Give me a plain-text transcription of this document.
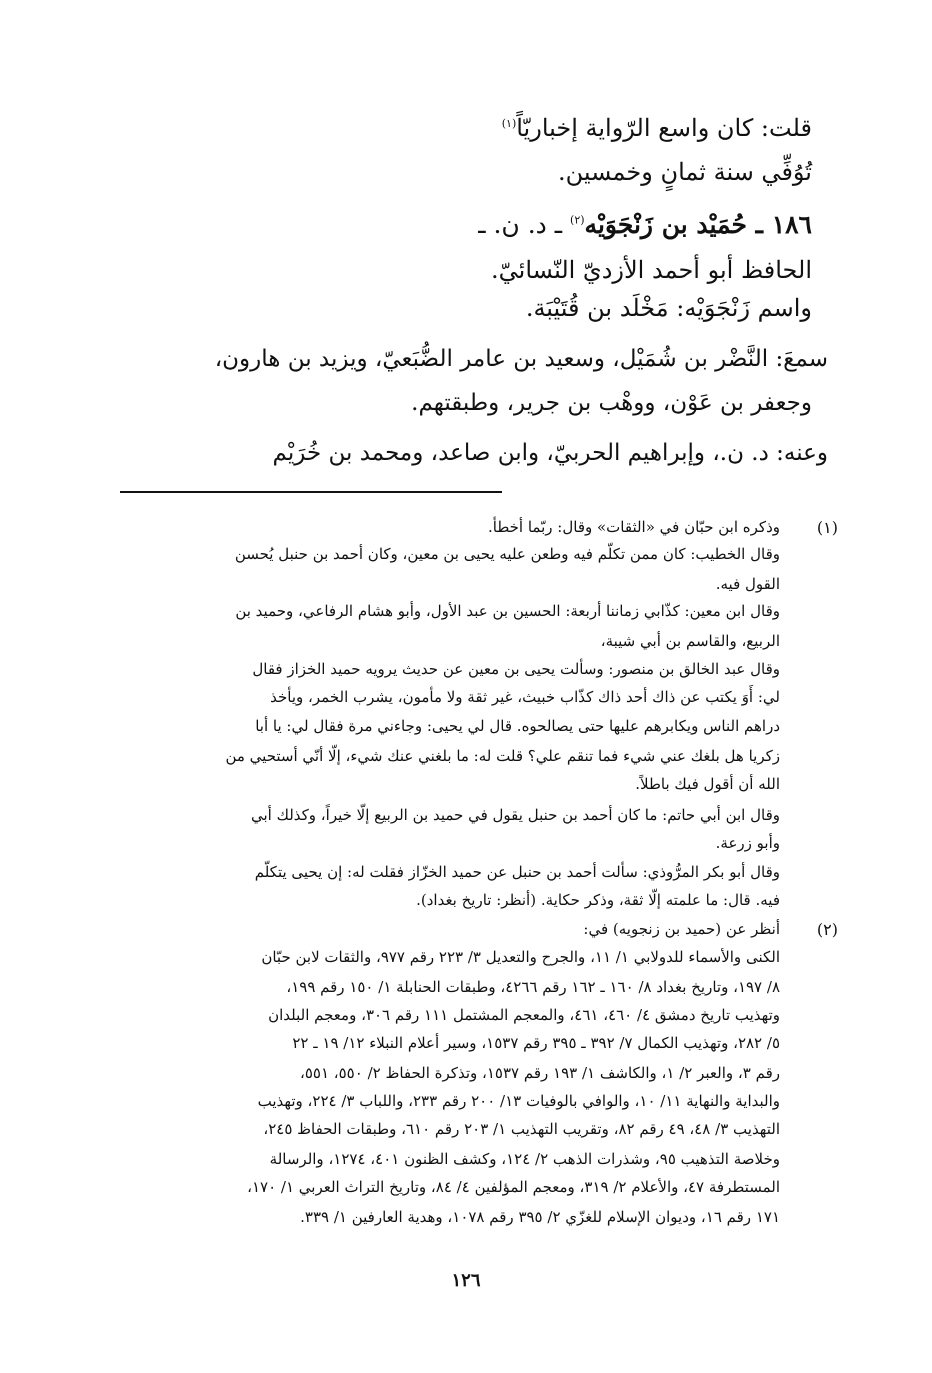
قلت: كان واسع الرّواية إخباريّاً$^{(١)}$
تُوُفِّي سنة ثمانٍ وخمسين.
١٨٦ ـ حُمَيْد بن زَنْجَوَيْه$^{(٢)}$ ـ د. ن. ـ
الحافظ أبو أحمد الأزديّ النّسائيّ.
واسم زَنْجَوَيْه: مَخْلَد بن قُتَيْبَة.
سمعَ: النَّضْر بن شُمَيْل، وسعيد بن عامر الضُّبَعيّ، ويزيد بن هارون،
وجعفر بن عَوْن، ووهْب بن جرير، وطبقتهم.
وعنه: د. ن.، وإبراهيم الحربيّ، وابن صاعد، ومحمد بن خُرَيْم
(١)
وذكره ابن حبّان في «الثقات» وقال: ربّما أخطأ.
وقال الخطيب: كان ممن تكلّم فيه وطعن عليه يحيى بن معين، وكان أحمد بن حنبل يُحسن
القول فيه.
وقال ابن معين: كذّابي زماننا أربعة: الحسين بن عبد الأول، وأبو هشام الرفاعي، وحميد بن
الربيع، والقاسم بن أبي شيبة،
وقال عبد الخالق بن منصور: وسألت يحيى بن معين عن حديث يرويه حميد الخزاز فقال
لي: أَوَ يكتب عن ذاك أحد ذاك كذّاب خبيث، غير ثقة ولا مأمون، يشرب الخمر، ويأخذ
دراهم الناس ويكابرهم عليها حتى يصالحوه. قال لي يحيى: وجاءني مرة فقال لي: يا أبا
زكريا هل بلغك عني شيء فما تنقم علي؟ قلت له: ما بلغني عنك شيء، إلّا أنّي أستحيي من
الله أن أقول فيك باطلاً.
وقال ابن أبي حاتم: ما كان أحمد بن حنبل يقول في حميد بن الربيع إلّا خيراً، وكذلك أبي
وأبو زرعة.
وقال أبو بكر المرُّوذي: سألت أحمد بن حنبل عن حميد الخزّاز فقلت له: إن يحيى يتكلّم
فيه. قال: ما علمته إلّا ثقة، وذكر حكاية. (أنظر: تاريخ بغداد).
(٢)
أنظر عن (حميد بن زنجويه) في:
الكنى والأسماء للدولابي ١/ ١١، والجرح والتعديل ٣/ ٢٢٣ رقم ٩٧٧، والثقات لابن حبّان
٨/ ١٩٧، وتاريخ بغداد ٨/ ١٦٠ ـ ١٦٢ رقم ٤٢٦٦، وطبقات الحنابلة ١/ ١٥٠ رقم ١٩٩،
وتهذيب تاريخ دمشق ٤/ ٤٦٠، ٤٦١، والمعجم المشتمل ١١١ رقم ٣٠٦، ومعجم البلدان
٥/ ٢٨٢، وتهذيب الكمال ٧/ ٣٩٢ ـ ٣٩٥ رقم ١٥٣٧، وسير أعلام النبلاء ١٢/ ١٩ ـ ٢٢
رقم ٣، والعبر ٢/ ١، والكاشف ١/ ١٩٣ رقم ١٥٣٧، وتذكرة الحفاظ ٢/ ٥٥٠، ٥٥١،
والبداية والنهاية ١١/ ١٠، والوافي بالوفيات ١٣/ ٢٠٠ رقم ٢٣٣، واللباب ٣/ ٢٢٤، وتهذيب
التهذيب ٣/ ٤٨، ٤٩ رقم ٨٢، وتقريب التهذيب ١/ ٢٠٣ رقم ٦١٠، وطبقات الحفاظ ٢٤٥،
وخلاصة التذهيب ٩٥، وشذرات الذهب ٢/ ١٢٤، وكشف الظنون ٤٠١، ١٢٧٤، والرسالة
المستطرفة ٤٧، والأعلام ٢/ ٣١٩، ومعجم المؤلفين ٤/ ٨٤، وتاريخ التراث العربي ١/ ١٧٠،
١٧١ رقم ١٦، وديوان الإسلام للغزّي ٢/ ٣٩٥ رقم ١٠٧٨، وهدية العارفين ١/ ٣٣٩.
١٢٦
